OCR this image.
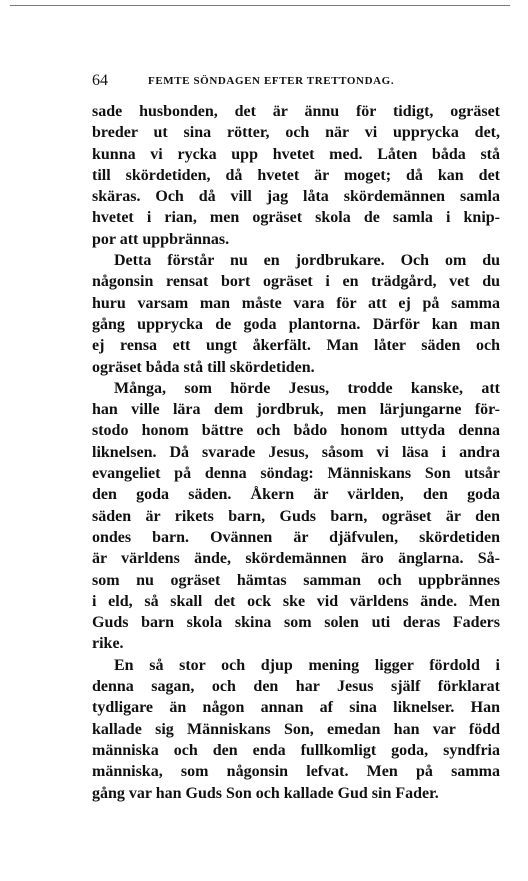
64	FEMTE SÖNDAGEN EFTER TRETTONDAG.
sade husbonden, det är ännu för tidigt, ogräset
breder ut sina rötter, och när vi upprycka det,
kunna vi rycka upp hvetet med. Låten båda stå
till skördetiden, då hvetet är moget; då kan det
skäras. Och då vill jag låta skördemännen samla
hvetet i rian, men ogräset skola de samla i knip-
por att uppbrännas.
Detta förstår nu en jordbrukare. Och om du
någonsin rensat bort ogräset i en trädgård, vet du
huru varsam man måste vara för att ej på samma
gång upprycka de goda plantorna. Därför kan man
ej rensa ett ungt åkerfält. Man låter säden och
ogräset båda stå till skördetiden.
Många, som hörde Jesus, trodde kanske, att
han ville lära dem jordbruk, men lärjungarne för-
stodo honom bättre och bådo honom uttyda denna
liknelsen. Då svarade Jesus, såsom vi läsa i andra
evangeliet på denna söndag: Människans Son utsår
den goda säden. Åkern är världen, den goda
säden är rikets barn, Guds barn, ogräset är den
ondes barn. Ovännen är djäfvulen, skördetiden
är världens ände, skördemännen äro änglarna. Så-
som nu ogräset hämtas samman och uppbrännes
i eld, så skall det ock ske vid världens ände. Men
Guds barn skola skina som solen uti deras Faders
rike.
En så stor och djup mening ligger fördold i
denna sagan, och den har Jesus själf förklarat
tydligare än någon annan af sina liknelser. Han
kallade sig Människans Son, emedan han var född
människa och den enda fullkomligt goda, syndfria
människa, som någonsin lefvat. Men på samma
gång var han Guds Son och kallade Gud sin Fader.
